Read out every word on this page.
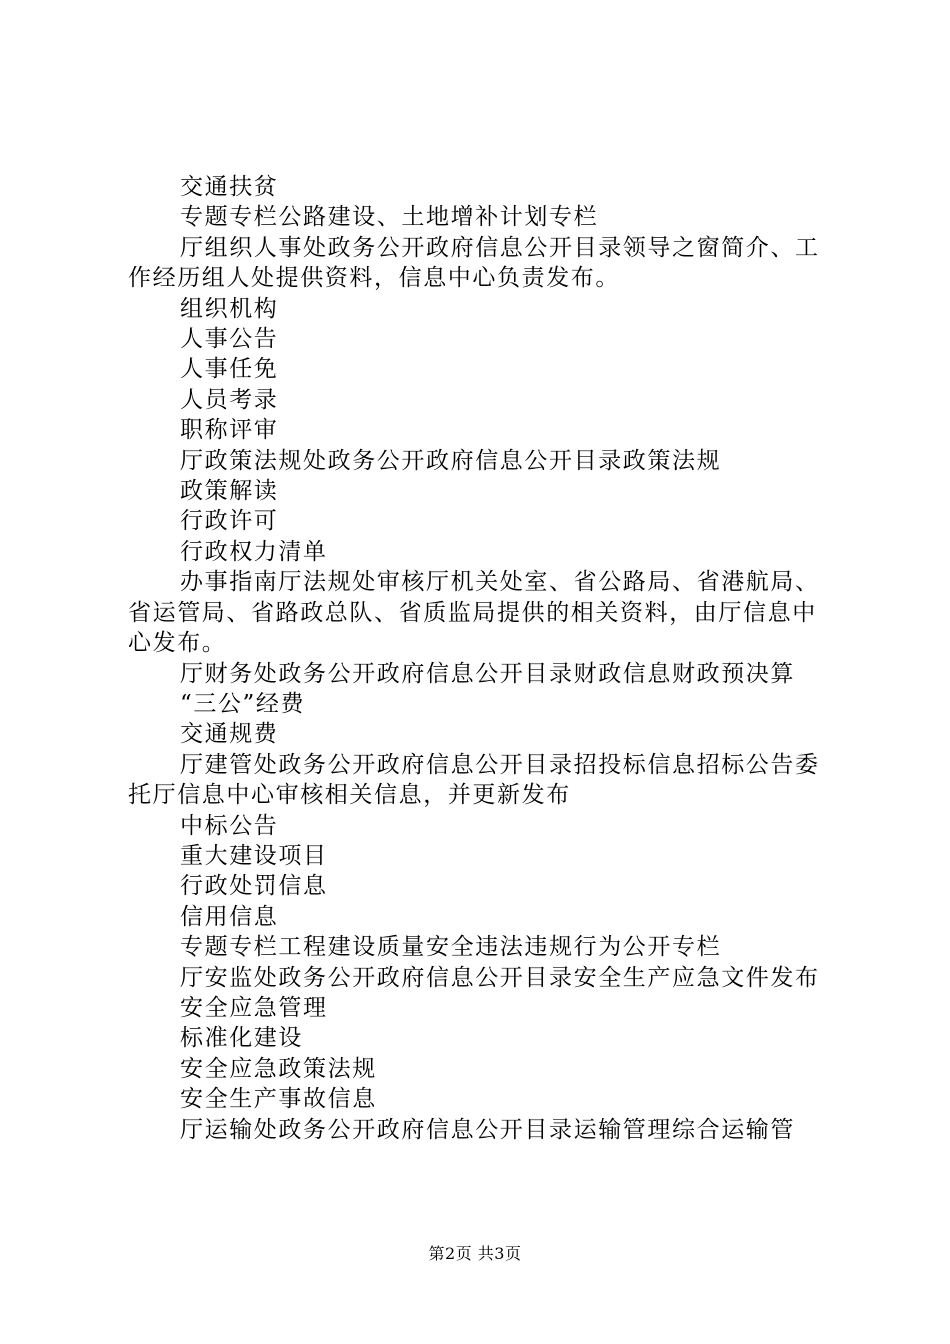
交通扶贫

专题专栏公路建设、土地增补计划专栏

厅组织人事处政务公开政府信息公开目录领导之窗简介、工作经历组人处提供资料，信息中心负责发布。

组织机构

人事公告

人事任免

人员考录

职称评审

厅政策法规处政务公开政府信息公开目录政策法规

政策解读

行政许可

行政权力清单

办事指南厅法规处审核厅机关处室、省公路局、省港航局、省运管局、省路政总队、省质监局提供的相关资料，由厅信息中心发布。

厅财务处政务公开政府信息公开目录财政信息财政预决算

“三公”经费

交通规费

厅建管处政务公开政府信息公开目录招投标信息招标公告委托厅信息中心审核相关信息，并更新发布

中标公告

重大建设项目

行政处罚信息

信用信息

专题专栏工程建设质量安全违法违规行为公开专栏

厅安监处政务公开政府信息公开目录安全生产应急文件发布

安全应急管理

标准化建设

安全应急政策法规

安全生产事故信息

厅运输处政务公开政府信息公开目录运输管理综合运输管

第2页 共3页
